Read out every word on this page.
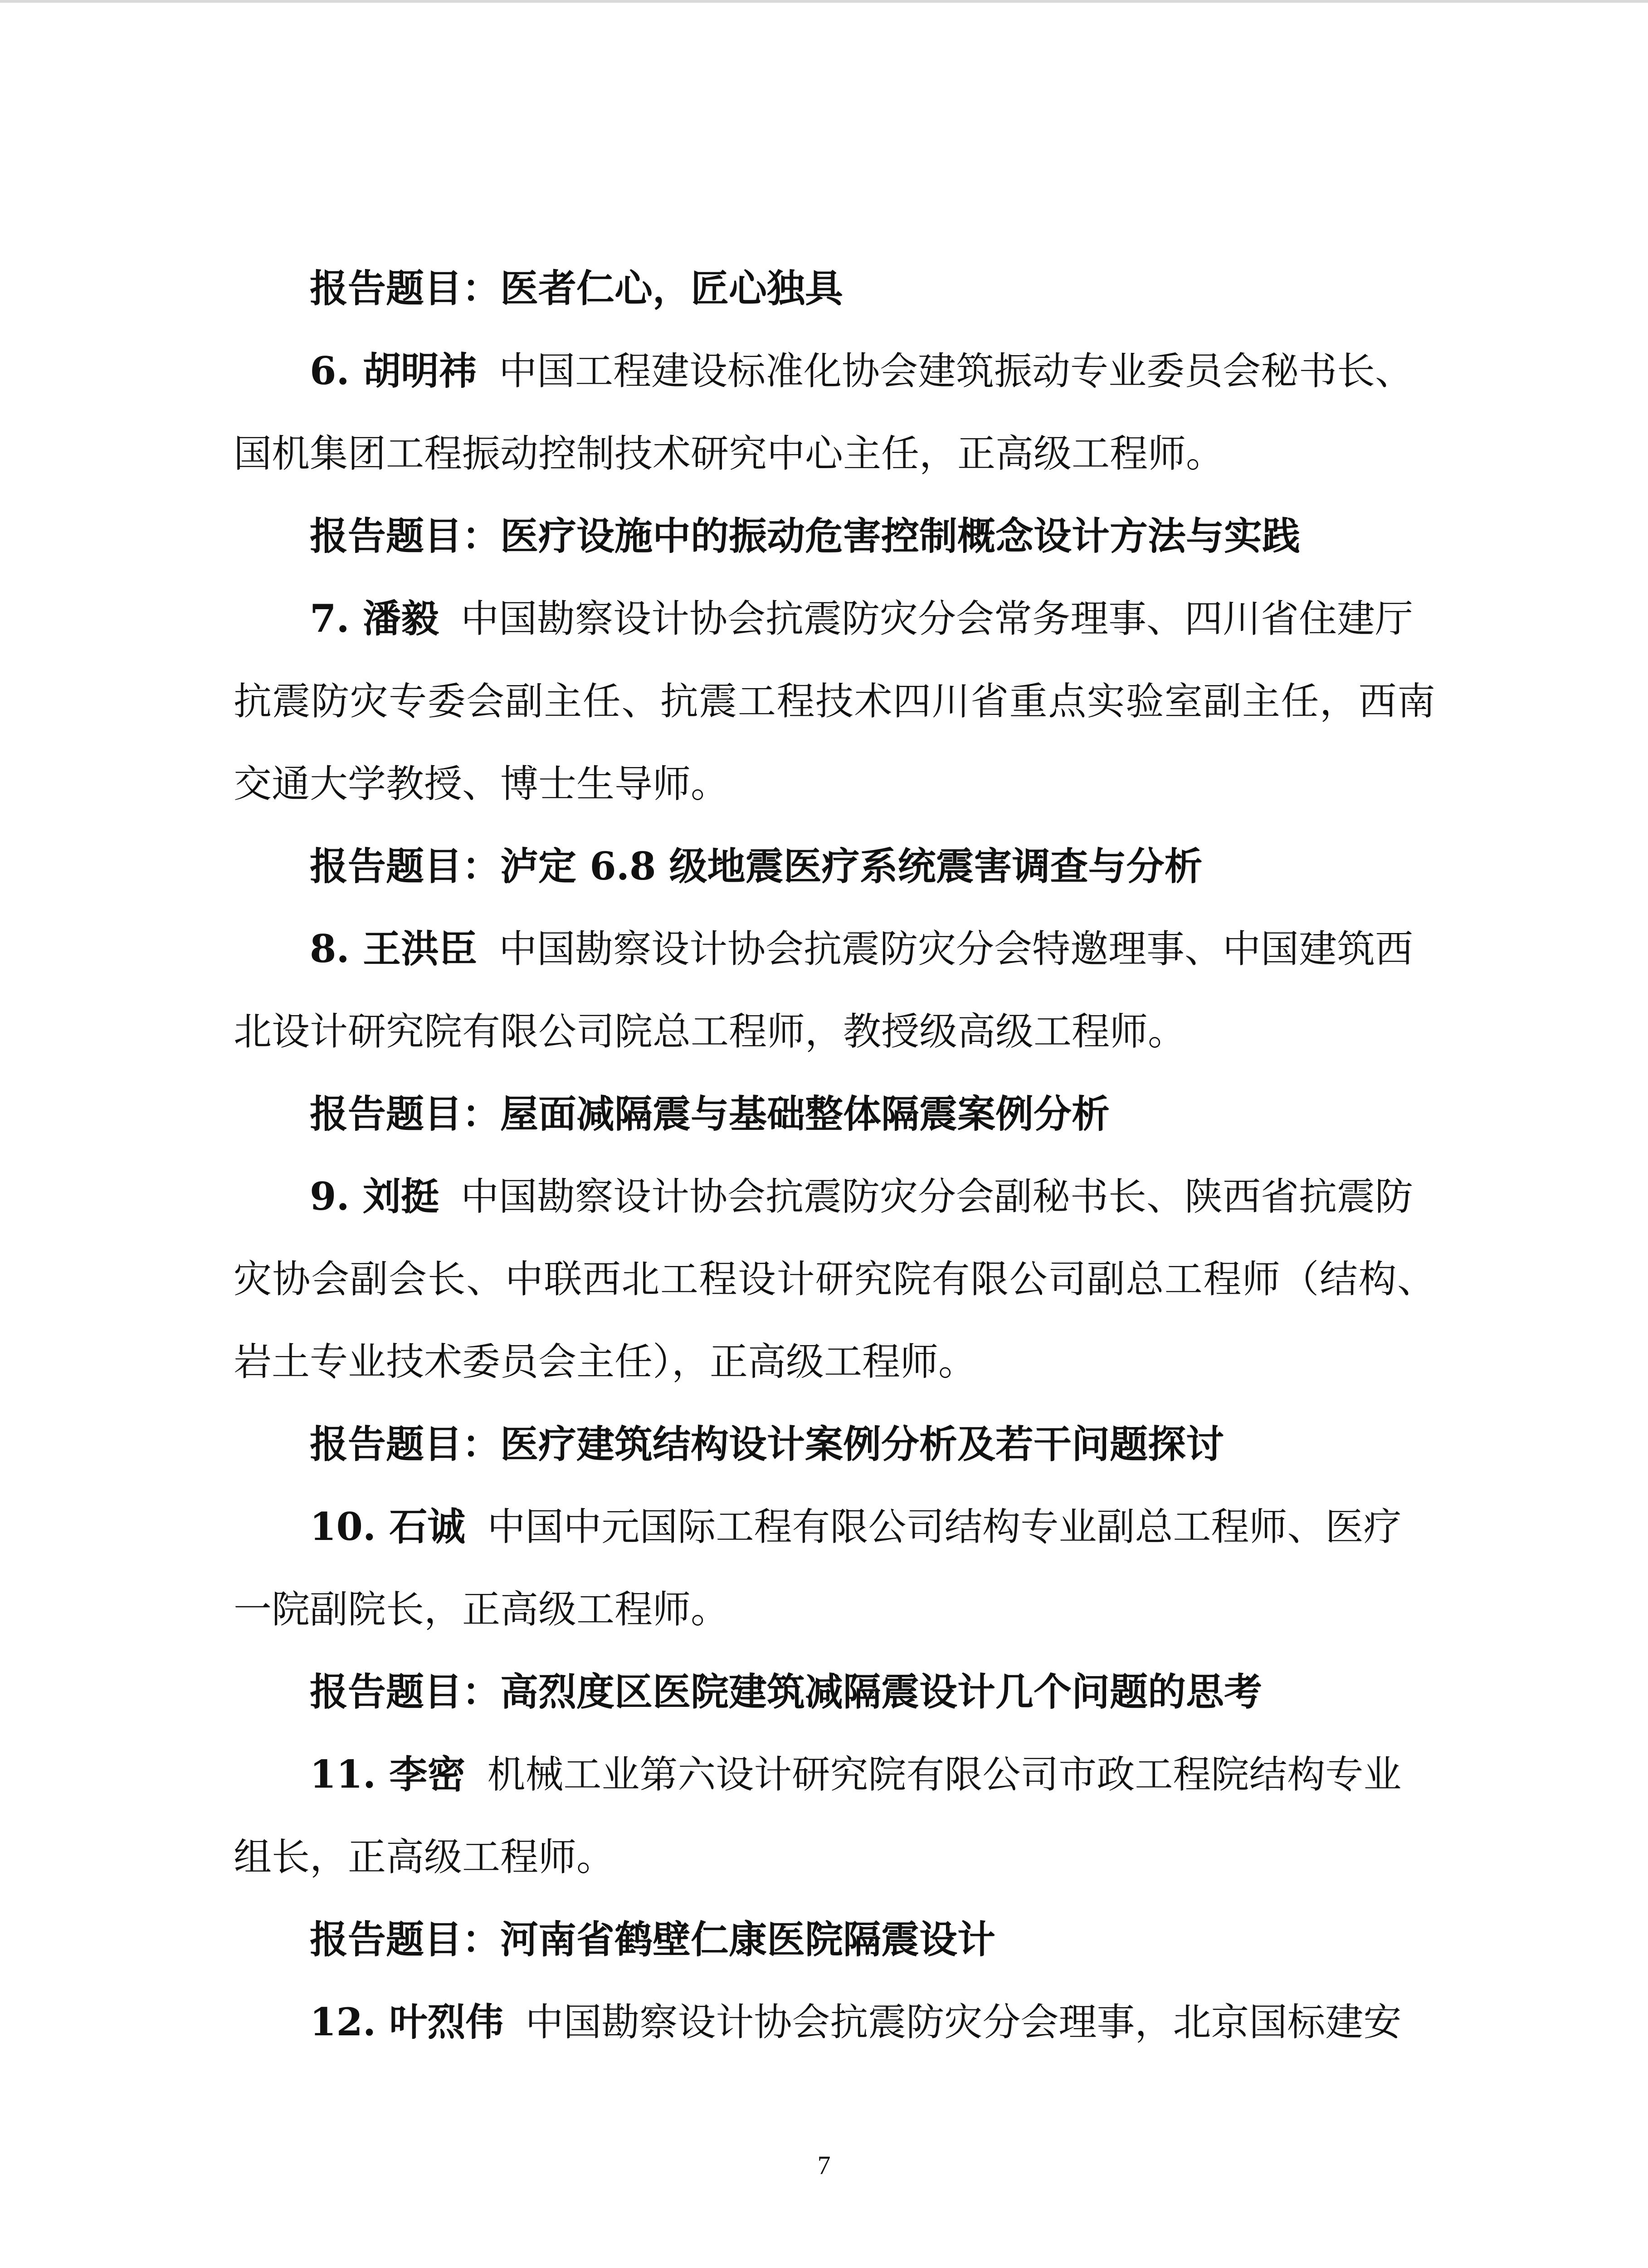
报告题目：医者仁心，匠心独具

6. 胡明祎 中国工程建设标准化协会建筑振动专业委员会秘书长、
国机集团工程振动控制技术研究中心主任，正高级工程师。

报告题目：医疗设施中的振动危害控制概念设计方法与实践

7. 潘毅 中国勘察设计协会抗震防灾分会常务理事、四川省住建厅
抗震防灾专委会副主任、抗震工程技术四川省重点实验室副主任，西南交通大学教授、博士生导师。

报告题目：泸定 6.8 级地震医疗系统震害调查与分析

8. 王洪臣 中国勘察设计协会抗震防灾分会特邀理事、中国建筑西
北设计研究院有限公司院总工程师，教授级高级工程师。

报告题目：屋面减隔震与基础整体隔震案例分析

9. 刘挺 中国勘察设计协会抗震防灾分会副秘书长、陕西省抗震防
灾协会副会长、中联西北工程设计研究院有限公司副总工程师（结构、岩土专业技术委员会主任），正高级工程师。

报告题目：医疗建筑结构设计案例分析及若干问题探讨

10. 石诚 中国中元国际工程有限公司结构专业副总工程师、医疗
一院副院长，正高级工程师。

报告题目：高烈度区医院建筑减隔震设计几个问题的思考

11. 李密 机械工业第六设计研究院有限公司市政工程院结构专业
组长，正高级工程师。

报告题目：河南省鹤壁仁康医院隔震设计

12. 叶烈伟 中国勘察设计协会抗震防灾分会理事，北京国标建安

7
